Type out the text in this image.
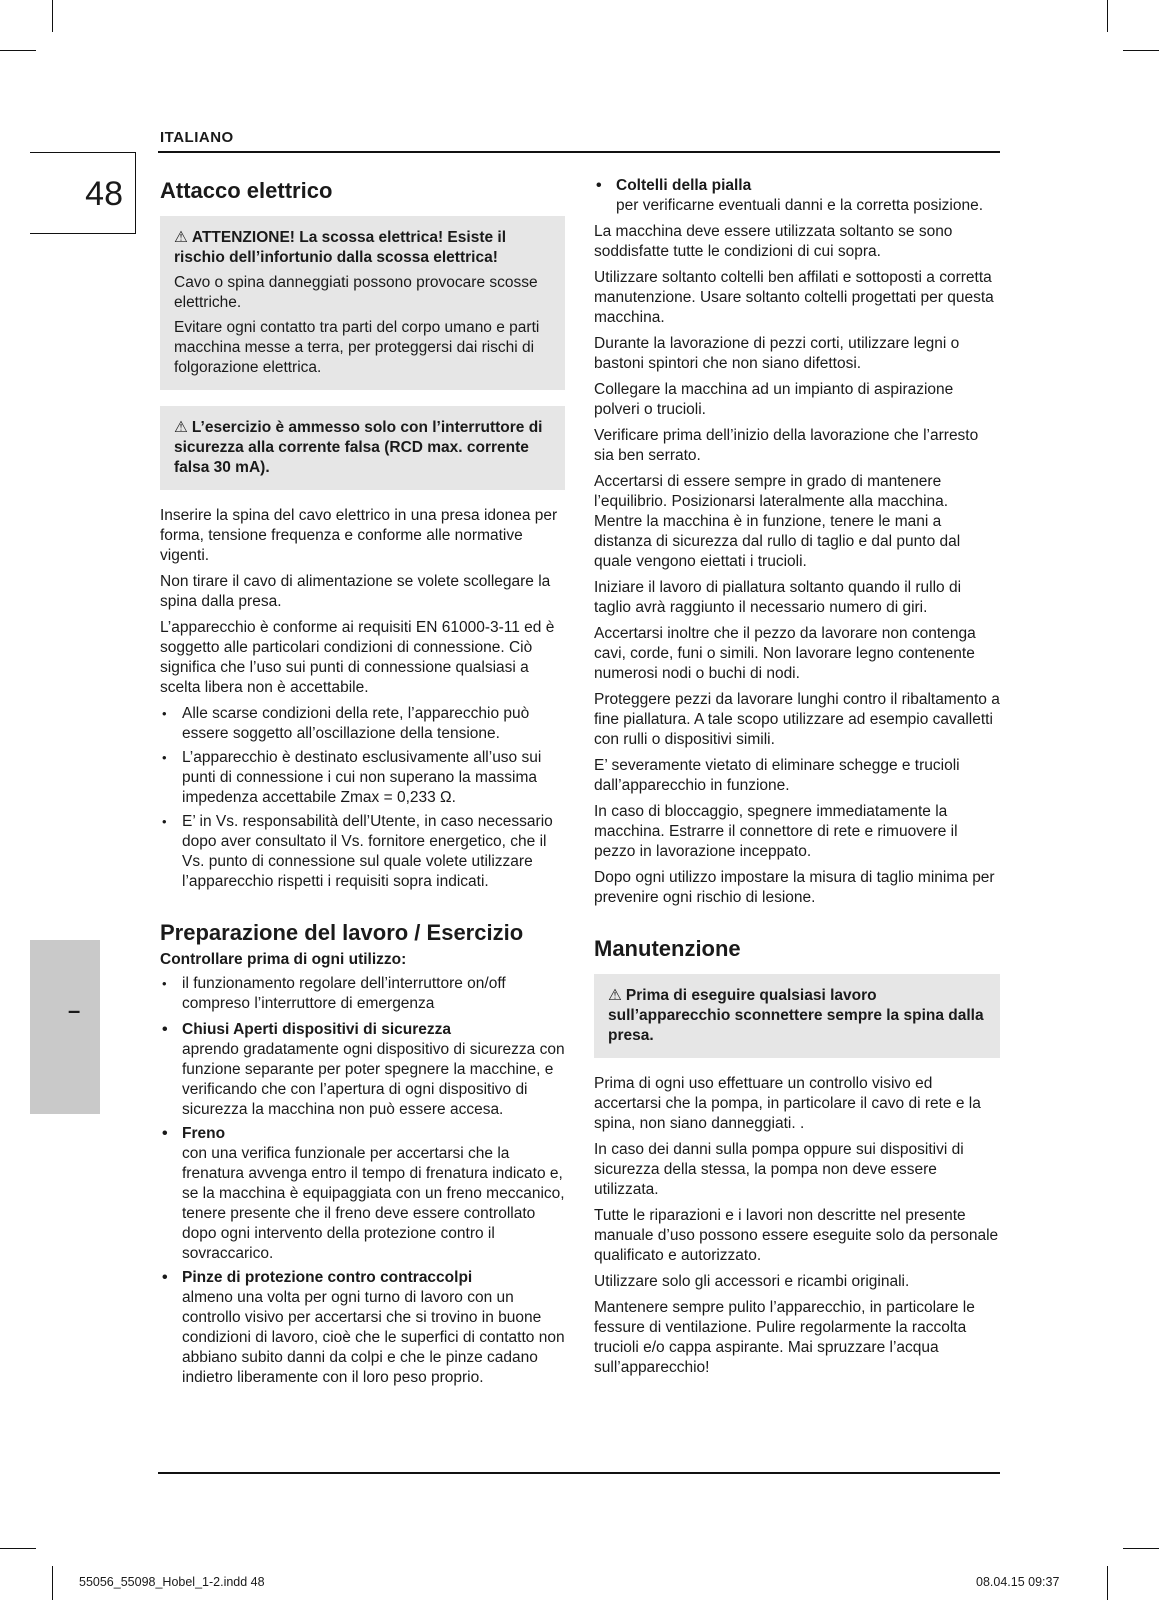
ITALIANO
48
–
Attacco elettrico

⚠ ATTENZIONE! La scossa elettrica! Esiste il rischio dell’infortunio dalla scossa elettrica!

Cavo o spina danneggiati possono provocare scosse elettriche.

Evitare ogni contatto tra parti del corpo umano e parti macchina messe a terra, per proteggersi dai rischi di folgorazione elettrica.

⚠ L’esercizio è ammesso solo con l’interruttore di sicurezza alla corrente falsa (RCD max. corrente falsa 30 mA).

Inserire la spina del cavo elettrico in una presa idonea per forma, tensione frequenza e conforme alle normative vigenti.

Non tirare il cavo di alimentazione se volete scollegare la spina dalla presa.

L’apparecchio è conforme ai requisiti EN 61000-3-11 ed è soggetto alle particolari condizioni di connessione. Ciò significa che l’uso sui punti di connessione qualsiasi a scelta libera non è accettabile.

• Alle scarse condizioni della rete, l’apparecchio può essere soggetto all’oscillazione della tensione.
• L’apparecchio è destinato esclusivamente all’uso sui punti di connessione i cui non superano la massima impedenza accettabile Zmax = 0,233 Ω.
• E’ in Vs. responsabilità dell’Utente, in caso necessario dopo aver consultato il Vs. fornitore energetico, che il Vs. punto di connessione sul quale volete utilizzare l’apparecchio rispetti i requisiti sopra indicati.
Preparazione del lavoro / Esercizio

Controllare prima di ogni utilizzo:

• il funzionamento regolare dell’interruttore on/off compreso l’interruttore di emergenza
• Chiusi Aperti dispositivi di sicurezza
aprendo gradatamente ogni dispositivo di sicurezza con funzione separante per poter spegnere la macchine, e verificando che con l’apertura di ogni dispositivo di sicurezza la macchina non può essere accesa.
• Freno
con una verifica funzionale per accertarsi che la frenatura avvenga entro il tempo di frenatura indicato e, se la macchina è equipaggiata con un freno meccanico, tenere presente che il freno deve essere controllato dopo ogni intervento della protezione contro il sovraccarico.
• Pinze di protezione contro contraccolpi
almeno una volta per ogni turno di lavoro con un controllo visivo per accertarsi che si trovino in buone condizioni di lavoro, cioè che le superfici di contatto non abbiano subito danni da colpi e che le pinze cadano indietro liberamente con il loro peso proprio.
• Coltelli della pialla
per verificarne eventuali danni e la corretta posizione.

La macchina deve essere utilizzata soltanto se sono soddisfatte tutte le condizioni di cui sopra.

Utilizzare soltanto coltelli ben affilati e sottoposti a corretta manutenzione. Usare soltanto coltelli progettati per questa macchina.

Durante la lavorazione di pezzi corti, utilizzare legni o bastoni spintori che non siano difettosi.

Collegare la macchina ad un impianto di aspirazione polveri o trucioli.

Verificare prima dell’inizio della lavorazione che l’arresto sia ben serrato.

Accertarsi di essere sempre in grado di mantenere l’equilibrio. Posizionarsi lateralmente alla macchina. Mentre la macchina è in funzione, tenere le mani a distanza di sicurezza dal rullo di taglio e dal punto dal quale vengono eiettati i trucioli.

Iniziare il lavoro di piallatura soltanto quando il rullo di taglio avrà raggiunto il necessario numero di giri.

Accertarsi inoltre che il pezzo da lavorare non contenga cavi, corde, funi o simili. Non lavorare legno contenente numerosi nodi o buchi di nodi.

Proteggere pezzi da lavorare lunghi contro il ribaltamento a fine piallatura. A tale scopo utilizzare ad esempio cavalletti con rulli o dispositivi simili.

E’ severamente vietato di eliminare schegge e trucioli dall’apparecchio in funzione.

In caso di bloccaggio, spegnere immediatamente la macchina. Estrarre il connettore di rete e rimuovere il pezzo in lavorazione inceppato.

Dopo ogni utilizzo impostare la misura di taglio minima per prevenire ogni rischio di lesione.

Manutenzione

⚠ Prima di eseguire qualsiasi lavoro sull’apparecchio sconnettere sempre la spina dalla presa.

Prima di ogni uso effettuare un controllo visivo ed accertarsi che la pompa, in particolare il cavo di rete e la spina, non siano danneggiati. .

In caso dei danni sulla pompa oppure sui dispositivi di sicurezza della stessa, la pompa non deve essere utilizzata.

Tutte le riparazioni e i lavori non descritte nel presente manuale d’uso possono essere eseguite solo da personale qualificato e autorizzato.

Utilizzare solo gli accessori e ricambi originali.

Mantenere sempre pulito l’apparecchio, in particolare le fessure di ventilazione. Pulire regolarmente la raccolta trucioli e/o cappa aspirante. Mai spruzzare l’acqua sull’apparecchio!

55056_55098_Hobel_1-2.indd 48	08.04.15 09:37
